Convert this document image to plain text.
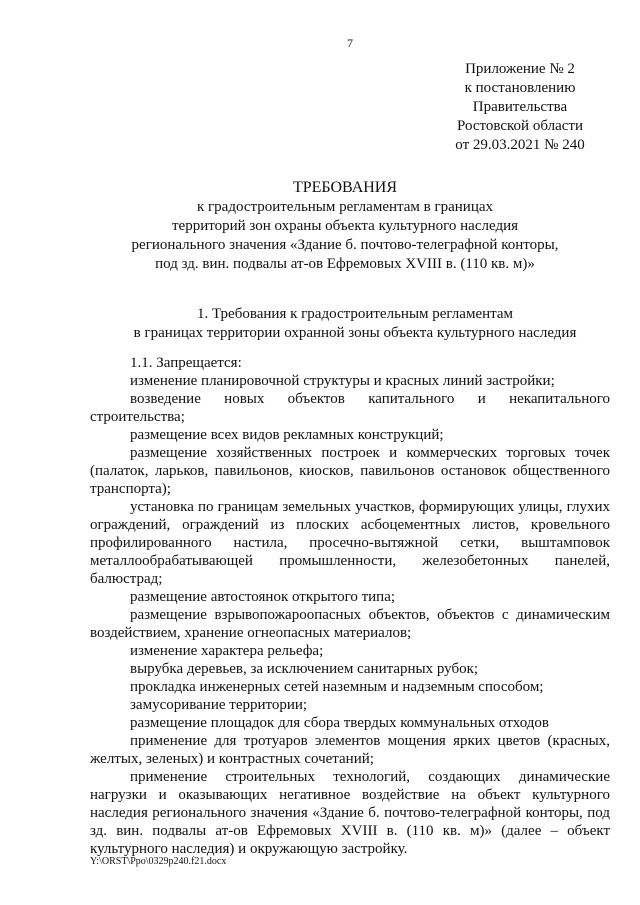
7
Приложение № 2
к постановлению
Правительства
Ростовской области
от 29.03.2021 № 240
ТРЕБОВАНИЯ
к градостроительным регламентам в границах
территорий зон охраны объекта культурного наследия
регионального значения «Здание б. почтово-телеграфной конторы,
под зд. вин. подвалы ат-ов Ефремовых XVIII в. (110 кв. м)»
1. Требования к градостроительным регламентам
в границах территории охранной зоны объекта культурного наследия

1.1. Запрещается:

изменение планировочной структуры и красных линий застройки;

возведение новых объектов капитального и некапитального строительства;

размещение всех видов рекламных конструкций;

размещение хозяйственных построек и коммерческих торговых точек (палаток, ларьков, павильонов, киосков, павильонов остановок общественного транспорта);

установка по границам земельных участков, формирующих улицы, глухих ограждений, ограждений из плоских асбоцементных листов, кровельного профилированного настила, просечно-вытяжной сетки, выштамповок металлообрабатывающей промышленности, железобетонных панелей, балюстрад;

размещение автостоянок открытого типа;

размещение взрывопожароопасных объектов, объектов с динамическим воздействием, хранение огнеопасных материалов;

изменение характера рельефа;

вырубка деревьев, за исключением санитарных рубок;

прокладка инженерных сетей наземным и надземным способом;

замусоривание территории;

размещение площадок для сбора твердых коммунальных отходов

применение для тротуаров элементов мощения ярких цветов (красных, желтых, зеленых) и контрастных сочетаний;

применение строительных технологий, создающих динамические нагрузки и оказывающих негативное воздействие на объект культурного наследия регионального значения «Здание б. почтово-телеграфной конторы, под зд. вин. подвалы ат-ов Ефремовых XVIII в. (110 кв. м)» (далее – объект культурного наследия) и окружающую застройку.

Y:\ORST\Ppo\0329p240.f21.docx
